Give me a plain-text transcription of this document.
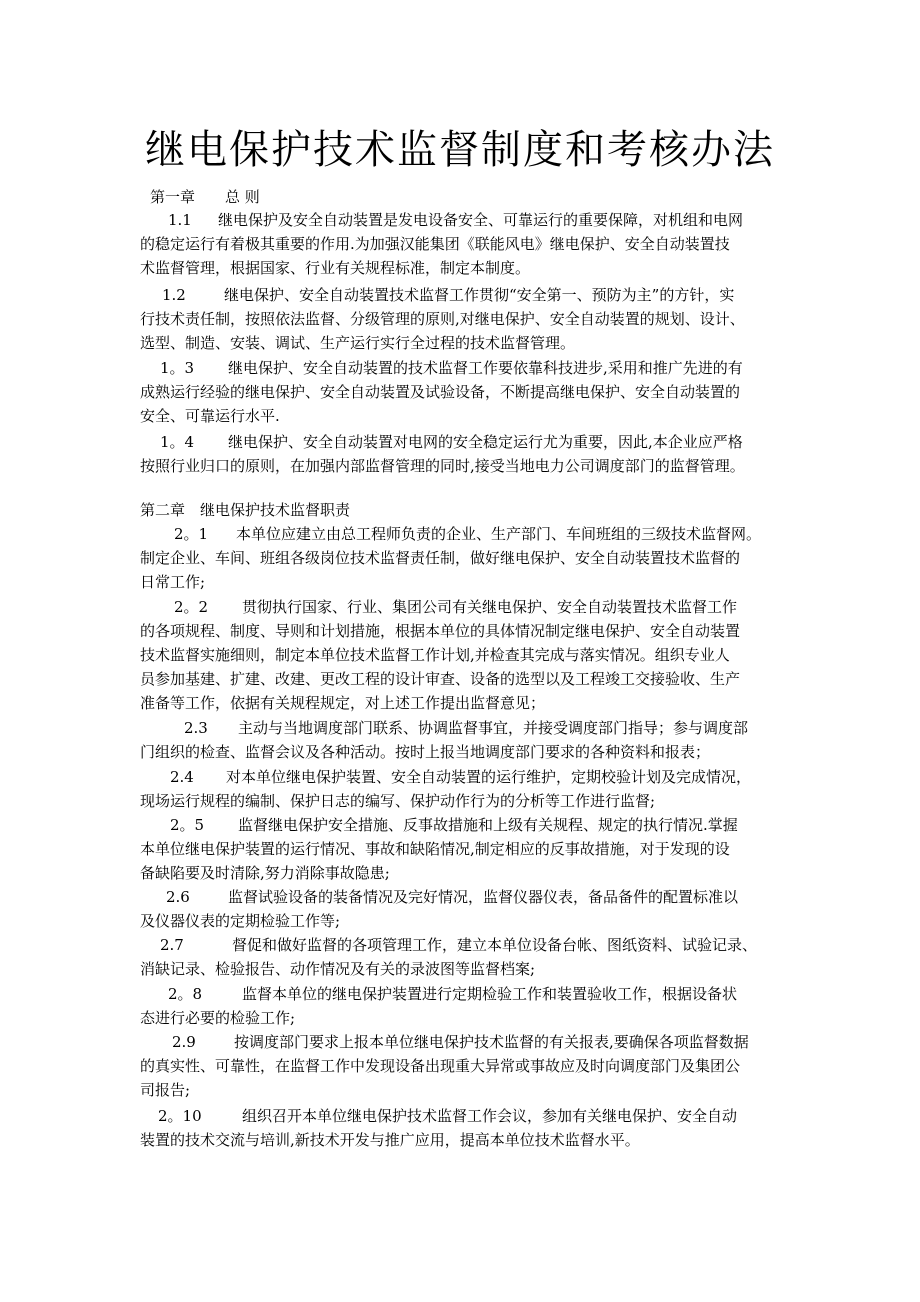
继电保护技术监督制度和考核办法
第一章　　总 则
1.1 继电保护及安全自动装置是发电设备安全、可靠运行的重要保障，对机组和电网
的稳定运行有着极其重要的作用.为加强汉能集团《联能风电》继电保护、安全自动装置技
术监督管理，根据国家、行业有关规程标准，制定本制度。
1.2	继电保护、安全自动装置技术监督工作贯彻“安全第一、预防为主”的方针，实
行技术责任制，按照依法监督、分级管理的原则,对继电保护、安全自动装置的规划、设计、
选型、制造、安装、调试、生产运行实行全过程的技术监督管理。
1。3 继电保护、安全自动装置的技术监督工作要依靠科技进步,采用和推广先进的有
成熟运行经验的继电保护、安全自动装置及试验设备，不断提高继电保护、安全自动装置的
安全、可靠运行水平.
1。4 继电保护、安全自动装置对电网的安全稳定运行尤为重要，因此,本企业应严格
按照行业归口的原则，在加强内部监督管理的同时,接受当地电力公司调度部门的监督管理。
第二章　继电保护技术监督职责
2。1 本单位应建立由总工程师负责的企业、生产部门、车间班组的三级技术监督网。
制定企业、车间、班组各级岗位技术监督责任制，做好继电保护、安全自动装置技术监督的
日常工作;
2。2 贯彻执行国家、行业、集团公司有关继电保护、安全自动装置技术监督工作
的各项规程、制度、导则和计划措施，根据本单位的具体情况制定继电保护、安全自动装置
技术监督实施细则，制定本单位技术监督工作计划,并检查其完成与落实情况。组织专业人
员参加基建、扩建、改建、更改工程的设计审查、设备的选型以及工程竣工交接验收、生产
准备等工作，依据有关规程规定，对上述工作提出监督意见；
2.3 主动与当地调度部门联系、协调监督事宜，并接受调度部门指导；参与调度部
门组织的检查、监督会议及各种活动。按时上报当地调度部门要求的各种资料和报表；
2.4 对本单位继电保护装置、安全自动装置的运行维护，定期校验计划及完成情况，
现场运行规程的编制、保护日志的编写、保护动作行为的分析等工作进行监督;
2。5 监督继电保护安全措施、反事故措施和上级有关规程、规定的执行情况.掌握
本单位继电保护装置的运行情况、事故和缺陷情况,制定相应的反事故措施，对于发现的设
备缺陷要及时清除,努力消除事故隐患;
2.6	监督试验设备的装备情况及完好情况，监督仪器仪表，备品备件的配置标准以
及仪器仪表的定期检验工作等;
2.7	督促和做好监督的各项管理工作，建立本单位设备台帐、图纸资料、试验记录、
消缺记录、检验报告、动作情况及有关的录波图等监督档案;
2。8	监督本单位的继电保护装置进行定期检验工作和装置验收工作，根据设备状
态进行必要的检验工作;
2.9	按调度部门要求上报本单位继电保护技术监督的有关报表,要确保各项监督数据
的真实性、可靠性，在监督工作中发现设备出现重大异常或事故应及时向调度部门及集团公
司报告;
2。10	组织召开本单位继电保护技术监督工作会议，参加有关继电保护、安全自动
装置的技术交流与培训,新技术开发与推广应用，提高本单位技术监督水平。
